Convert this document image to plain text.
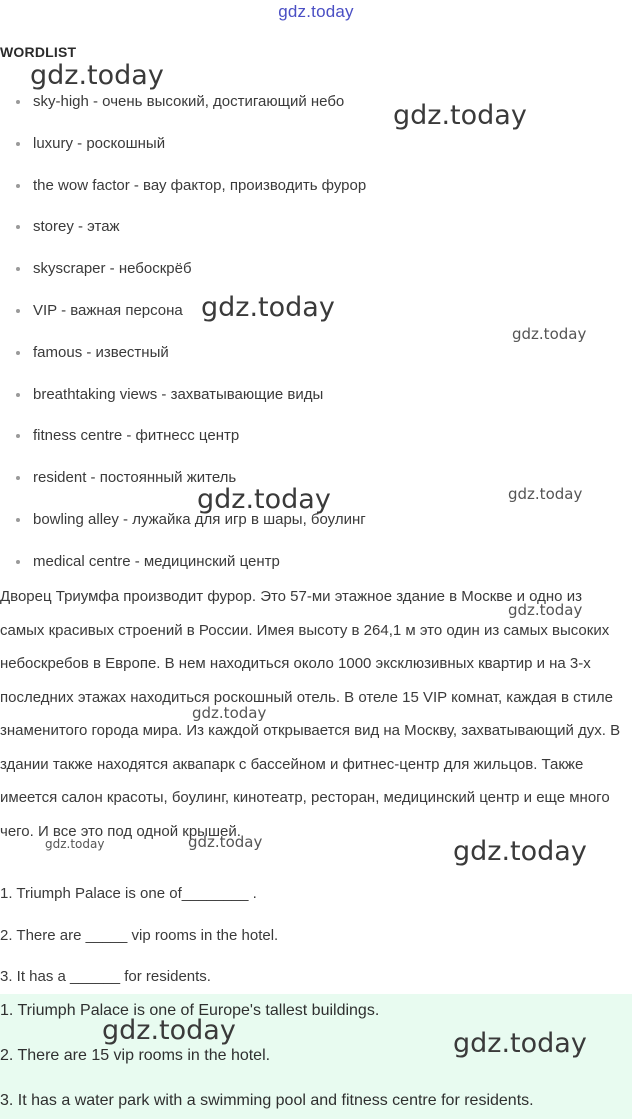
gdz.today
WORDLIST
sky-high - очень высокий, достигающий небо
luxury - роскошный
the wow factor - вау фактор, производить фурор
storey - этаж
skyscraper - небоскрёб
VIP - важная персона
famous - известный
breathtaking views - захватывающие виды
fitness centre - фитнесс центр
resident - постоянный житель
bowling alley - лужайка для игр в шары, боулинг
medical centre - медицинский центр

Дворец Триумфа производит фурор. Это 57-ми этажное здание в Москве и одно из самых красивых строений в России. Имея высоту в 264,1 м это один из самых высоких небоскребов в Европе. В нем находиться около 1000 эксклюзивных квартир и на 3-х последних этажах находиться роскошный отель. В отеле 15 VIP комнат, каждая в стиле знаменитого города мира. Из каждой открывается вид на Москву, захватывающий дух. В здании также находятся аквапарк с бассейном и фитнес-центр для жильцов. Также имеется салон красоты, боулинг, кинотеатр, ресторан, медицинский центр и еще много чего. И все это под одной крышей.

1. Triumph Palace is one of________ .
2. There are _____ vip rooms in the hotel.
3. It has a ______ for residents.
1. Triumph Palace is one of Europe's tallest buildings.
2. There are 15 vip rooms in the hotel.
3. It has a water park with a swimming pool and fitness centre for residents.
gdz.today
gdz.today
gdz.today
gdz.today
gdz.today	gdz.today
gdz.today
gdz.today
gdz.today	gdz.today	gdz.today
gdz.today	gdz.today
